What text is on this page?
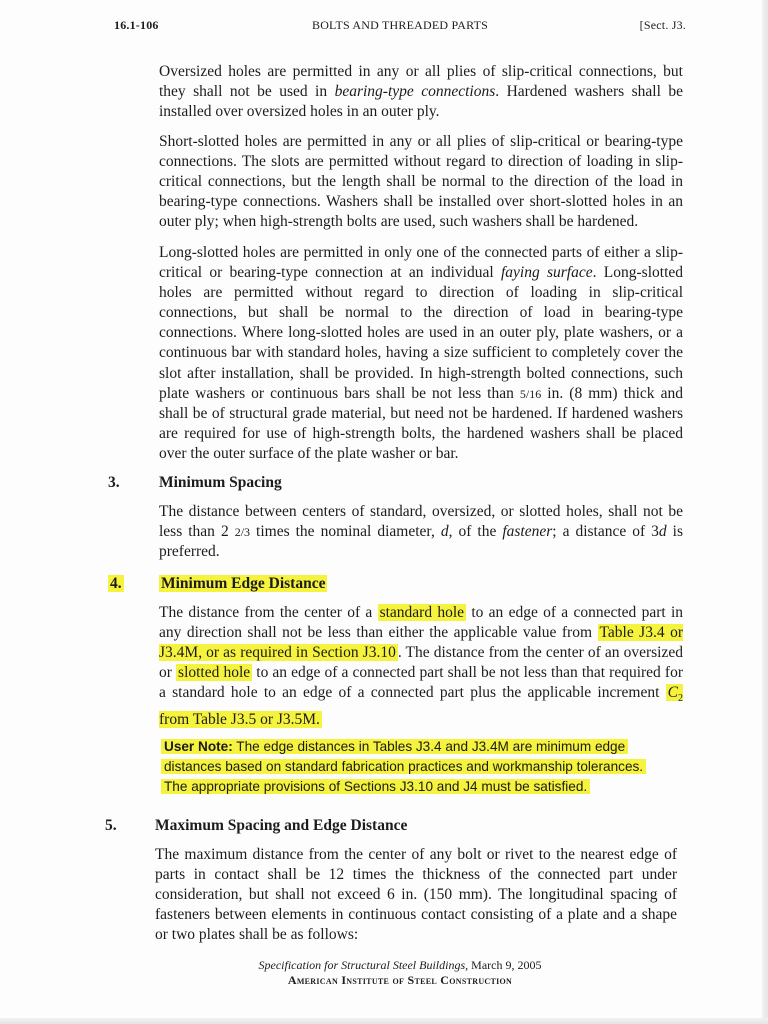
16.1-106	BOLTS AND THREADED PARTS	[Sect. J3.
Oversized holes are permitted in any or all plies of slip-critical connections, but they shall not be used in bearing-type connections. Hardened washers shall be installed over oversized holes in an outer ply.
Short-slotted holes are permitted in any or all plies of slip-critical or bearing-type connections. The slots are permitted without regard to direction of loading in slip-critical connections, but the length shall be normal to the direction of the load in bearing-type connections. Washers shall be installed over short-slotted holes in an outer ply; when high-strength bolts are used, such washers shall be hardened.
Long-slotted holes are permitted in only one of the connected parts of either a slip-critical or bearing-type connection at an individual faying surface. Long-slotted holes are permitted without regard to direction of loading in slip-critical connections, but shall be normal to the direction of load in bearing-type connections. Where long-slotted holes are used in an outer ply, plate washers, or a continuous bar with standard holes, having a size sufficient to completely cover the slot after installation, shall be provided. In high-strength bolted connections, such plate washers or continuous bars shall be not less than 5/16 in. (8 mm) thick and shall be of structural grade material, but need not be hardened. If hardened washers are required for use of high-strength bolts, the hardened washers shall be placed over the outer surface of the plate washer or bar.
3.	Minimum Spacing
The distance between centers of standard, oversized, or slotted holes, shall not be less than 2 2/3 times the nominal diameter, d, of the fastener; a distance of 3d is preferred.
4.	Minimum Edge Distance
The distance from the center of a standard hole to an edge of a connected part in any direction shall not be less than either the applicable value from Table J3.4 or J3.4M, or as required in Section J3.10 . The distance from the center of an oversized or slotted hole to an edge of a connected part shall be not less than that required for a standard hole to an edge of a connected part plus the applicable increment $C_2$ from Table J3.5 or J3.5M.
User Note: The edge distances in Tables J3.4 and J3.4M are minimum edge
distances based on standard fabrication practices and workmanship tolerances.
The appropriate provisions of Sections J3.10 and J4 must be satisfied.
5. Maximum Spacing and Edge Distance
The maximum distance from the center of any bolt or rivet to the nearest edge of parts in contact shall be 12 times the thickness of the connected part under consideration, but shall not exceed 6 in. (150 mm). The longitudinal spacing of fasteners between elements in continuous contact consisting of a plate and a shape or two plates shall be as follows:
Specification for Structural Steel Buildings, March 9, 2005
American Institute of Steel Construction
